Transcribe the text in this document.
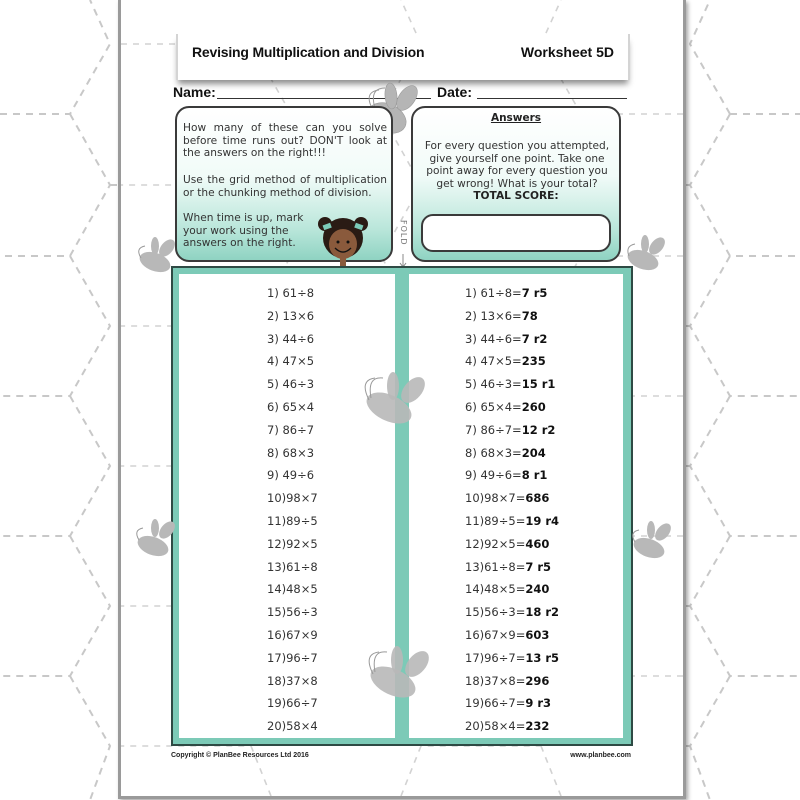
Revising Multiplication and Division	Worksheet 5D
Name:	Date:
How many of these can you solve before time runs out? DON'T look at the answers on the right!!!
Use the grid method of multiplication or the chunking method of division.
When time is up, mark your work using the answers on the right.
Answers
For every question you attempted, give yourself one point. Take one point away for every question you get wrong! What is your total?
TOTAL SCORE:
FOLD
1) 61÷8
2) 13×6
3) 44÷6
4) 47×5
5) 46÷3
6) 65×4
7) 86÷7
8) 68×3
9) 49÷6
10)98×7
11)89÷5
12)92×5
13)61÷8
14)48×5
15)56÷3
16)67×9
17)96÷7
18)37×8
19)66÷7
20)58×4
1) 61÷8=7 r5
2) 13×6=78
3) 44÷6=7 r2
4) 47×5=235
5) 46÷3=15 r1
6) 65×4=260
7) 86÷7=12 r2
8) 68×3=204
9) 49÷6=8 r1
10)98×7=686
11)89÷5=19 r4
12)92×5=460
13)61÷8=7 r5
14)48×5=240
15)56÷3=18 r2
16)67×9=603
17)96÷7=13 r5
18)37×8=296
19)66÷7=9 r3
20)58×4=232
Copyright © PlanBee Resources Ltd 2016	www.planbee.com
